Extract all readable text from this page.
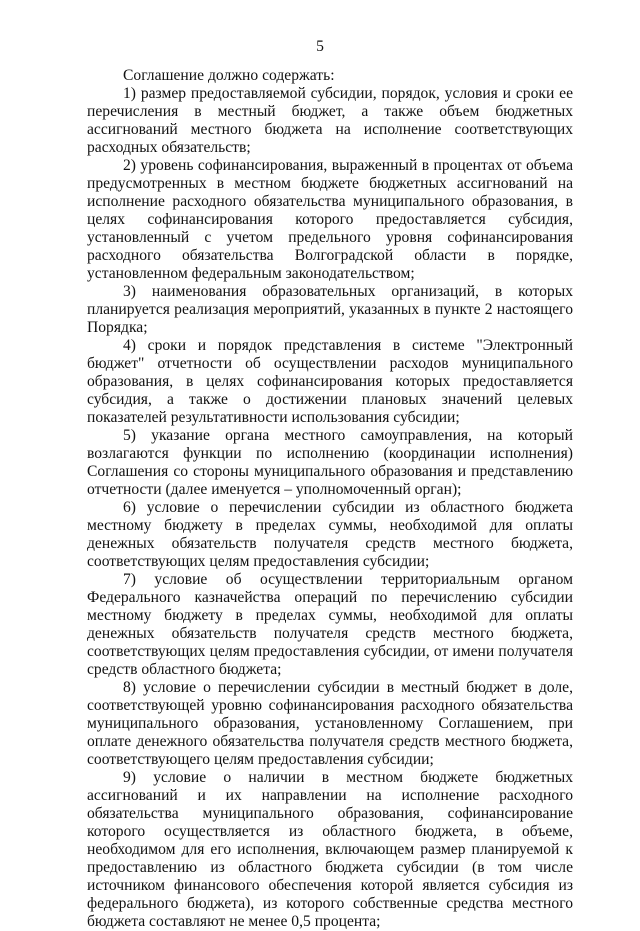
5

Соглашение должно содержать:

1) размер предоставляемой субсидии, порядок, условия и сроки ее перечисления в местный бюджет, а также объем бюджетных ассигнований местного бюджета на исполнение соответствующих расходных обязательств;

2) уровень софинансирования, выраженный в процентах от объема предусмотренных в местном бюджете бюджетных ассигнований на исполнение расходного обязательства муниципального образования, в целях софинансирования которого предоставляется субсидия, установленный с учетом предельного уровня софинансирования расходного обязательства Волгоградской области в порядке, установленном федеральным законодательством;

3) наименования образовательных организаций, в которых планируется реализация мероприятий, указанных в пункте 2 настоящего Порядка;

4) сроки и порядок представления в системе "Электронный бюджет" отчетности об осуществлении расходов муниципального образования, в целях софинансирования которых предоставляется субсидия, а также о достижении плановых значений целевых показателей результативности использования субсидии;

5) указание органа местного самоуправления, на который возлагаются функции по исполнению (координации исполнения) Соглашения со стороны муниципального образования и представлению отчетности (далее именуется – уполномоченный орган);

6) условие о перечислении субсидии из областного бюджета местному бюджету в пределах суммы, необходимой для оплаты денежных обязательств получателя средств местного бюджета, соответствующих целям предоставления субсидии;

7) условие об осуществлении территориальным органом Федерального казначейства операций по перечислению субсидии местному бюджету в пределах суммы, необходимой для оплаты денежных обязательств получателя средств местного бюджета, соответствующих целям предоставления субсидии, от имени получателя средств областного бюджета;

8) условие о перечислении субсидии в местный бюджет в доле, соответствующей уровню софинансирования расходного обязательства муниципального образования, установленному Соглашением, при оплате денежного обязательства получателя средств местного бюджета, соответствующего целям предоставления субсидии;

9) условие о наличии в местном бюджете бюджетных ассигнований и их направлении на исполнение расходного обязательства муниципального образования, софинансирование которого осуществляется из областного бюджета, в объеме, необходимом для его исполнения, включающем размер планируемой к предоставлению из областного бюджета субсидии (в том числе источником финансового обеспечения которой является субсидия из федерального бюджета), из которого собственные средства местного бюджета составляют не менее 0,5 процента;
